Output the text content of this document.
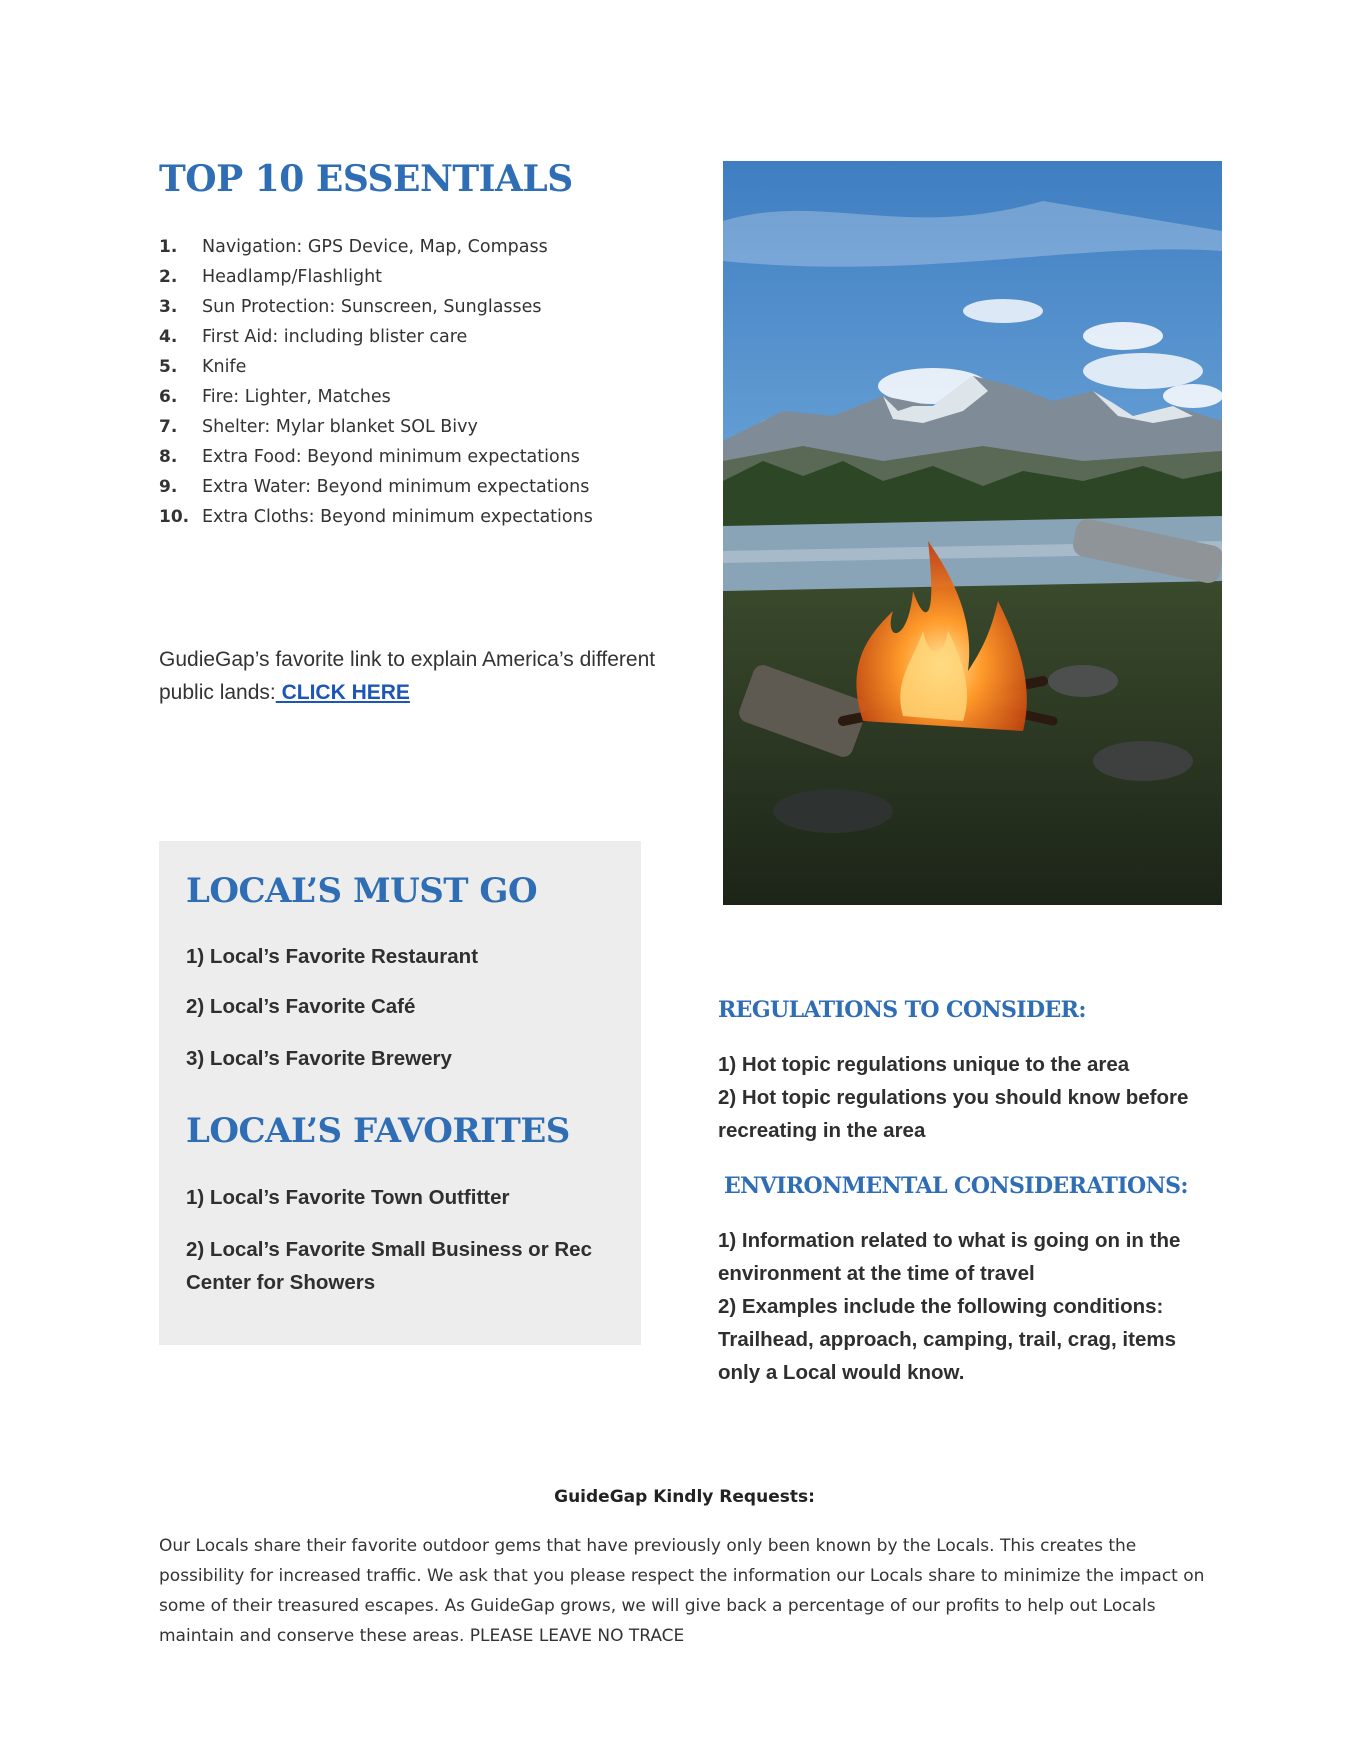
TOP 10 ESSENTIALS
1.	Navigation: GPS Device, Map, Compass
2.	Headlamp/Flashlight
3.	Sun Protection: Sunscreen, Sunglasses
4.	First Aid: including blister care
5.	Knife
6.	Fire: Lighter, Matches
7.	Shelter: Mylar blanket SOL Bivy
8.	Extra Food: Beyond minimum expectations
9.	Extra Water: Beyond minimum expectations
10. Extra Cloths: Beyond minimum expectations
GudieGap’s favorite link to explain America’s different public lands: CLICK HERE
LOCAL’S MUST GO
1) Local’s Favorite Restaurant
2) Local’s Favorite Café
3) Local’s Favorite Brewery
LOCAL’S FAVORITES
1) Local’s Favorite Town Outfitter
2) Local’s Favorite Small Business or Rec Center for Showers
REGULATIONS TO CONSIDER:
1) Hot topic regulations unique to the area
2) Hot topic regulations you should know before recreating in the area
ENVIRONMENTAL CONSIDERATIONS:
1) Information related to what is going on in the environment at the time of travel
2) Examples include the following conditions: Trailhead, approach, camping, trail, crag, items only a Local would know.
GuideGap Kindly Requests:
Our Locals share their favorite outdoor gems that have previously only been known by the Locals. This creates the possibility for increased traffic. We ask that you please respect the information our Locals share to minimize the impact on some of their treasured escapes. As GuideGap grows, we will give back a percentage of our profits to help out Locals maintain and conserve these areas. PLEASE LEAVE NO TRACE
